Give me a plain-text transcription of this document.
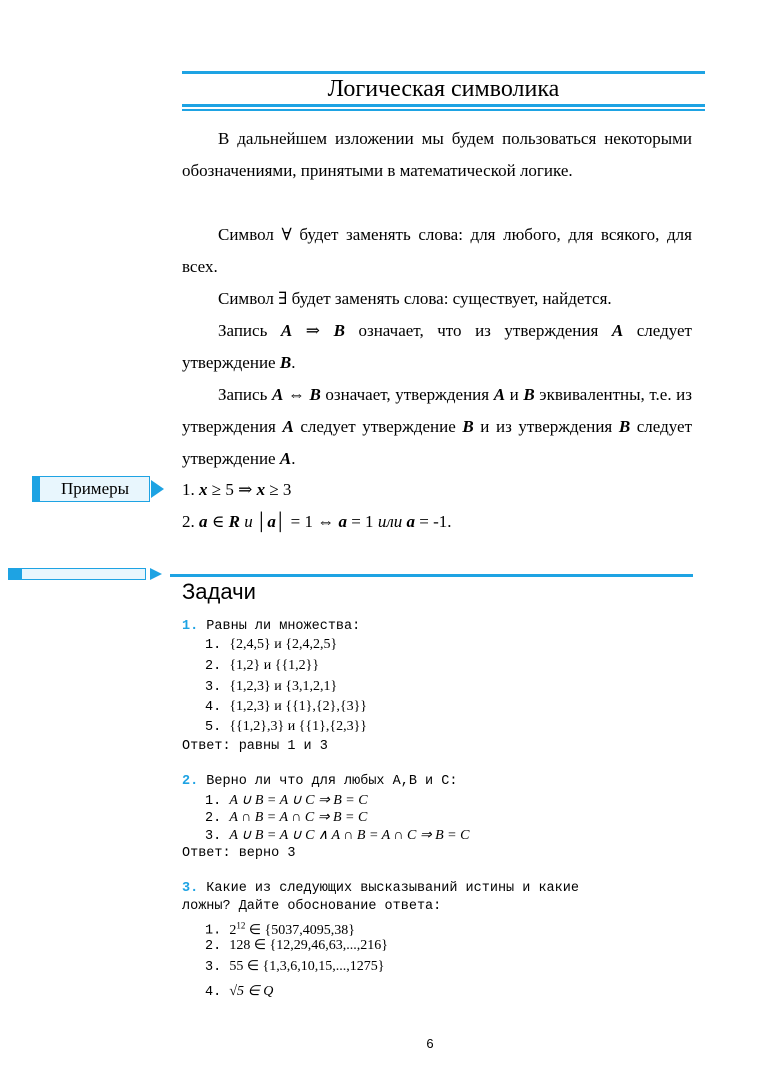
Логическая символика
В дальнейшем изложении мы будем пользоваться некоторыми обозначениями, принятыми в математической логике.
Символ ∀ будет заменять слова: для любого, для всякого, для всех.
Символ ∃ будет заменять слова: существует, найдется.
Запись A ⇒ B означает, что из утверждения A следует утверждение B.
Запись A ⇔ B означает, утверждения A и B эквивалентны, т.е. из утверждения A следует утверждение B и из утверждения B следует утверждение A.
Примеры	1. x ≥ 5 ⇒ x ≥ 3
2. a ∈ R и │a│ = 1 ⇔ a = 1 или a = -1.
Задачи
1. Равны ли множества:
1. {2,4,5} и {2,4,2,5}
2. {1,2} и {{1,2}}
3. {1,2,3} и {3,1,2,1}
4. {1,2,3} и {{1},{2},{3}}
5. {{1,2},3} и {{1},{2,3}}
Ответ: равны 1 и 3
2. Верно ли что для любых A,B и C:
1. A ∪ B = A ∪ C ⇒ B = C
2. A ∩ B = A ∩ C ⇒ B = C
3. A ∪ B = A ∪ C ∧ A ∩ B = A ∩ C ⇒ B = C
Ответ: верно 3
3. Какие из следующих высказываний истины и какие
ложны? Дайте обоснование ответа:
1. $2^{12}$ ∈ {5037,4095,38}
2. 128 ∈ {12,29,46,63,...,216}
3. 55 ∈ {1,3,6,10,15,...,1275}
4. √5 ∈ Q
6
